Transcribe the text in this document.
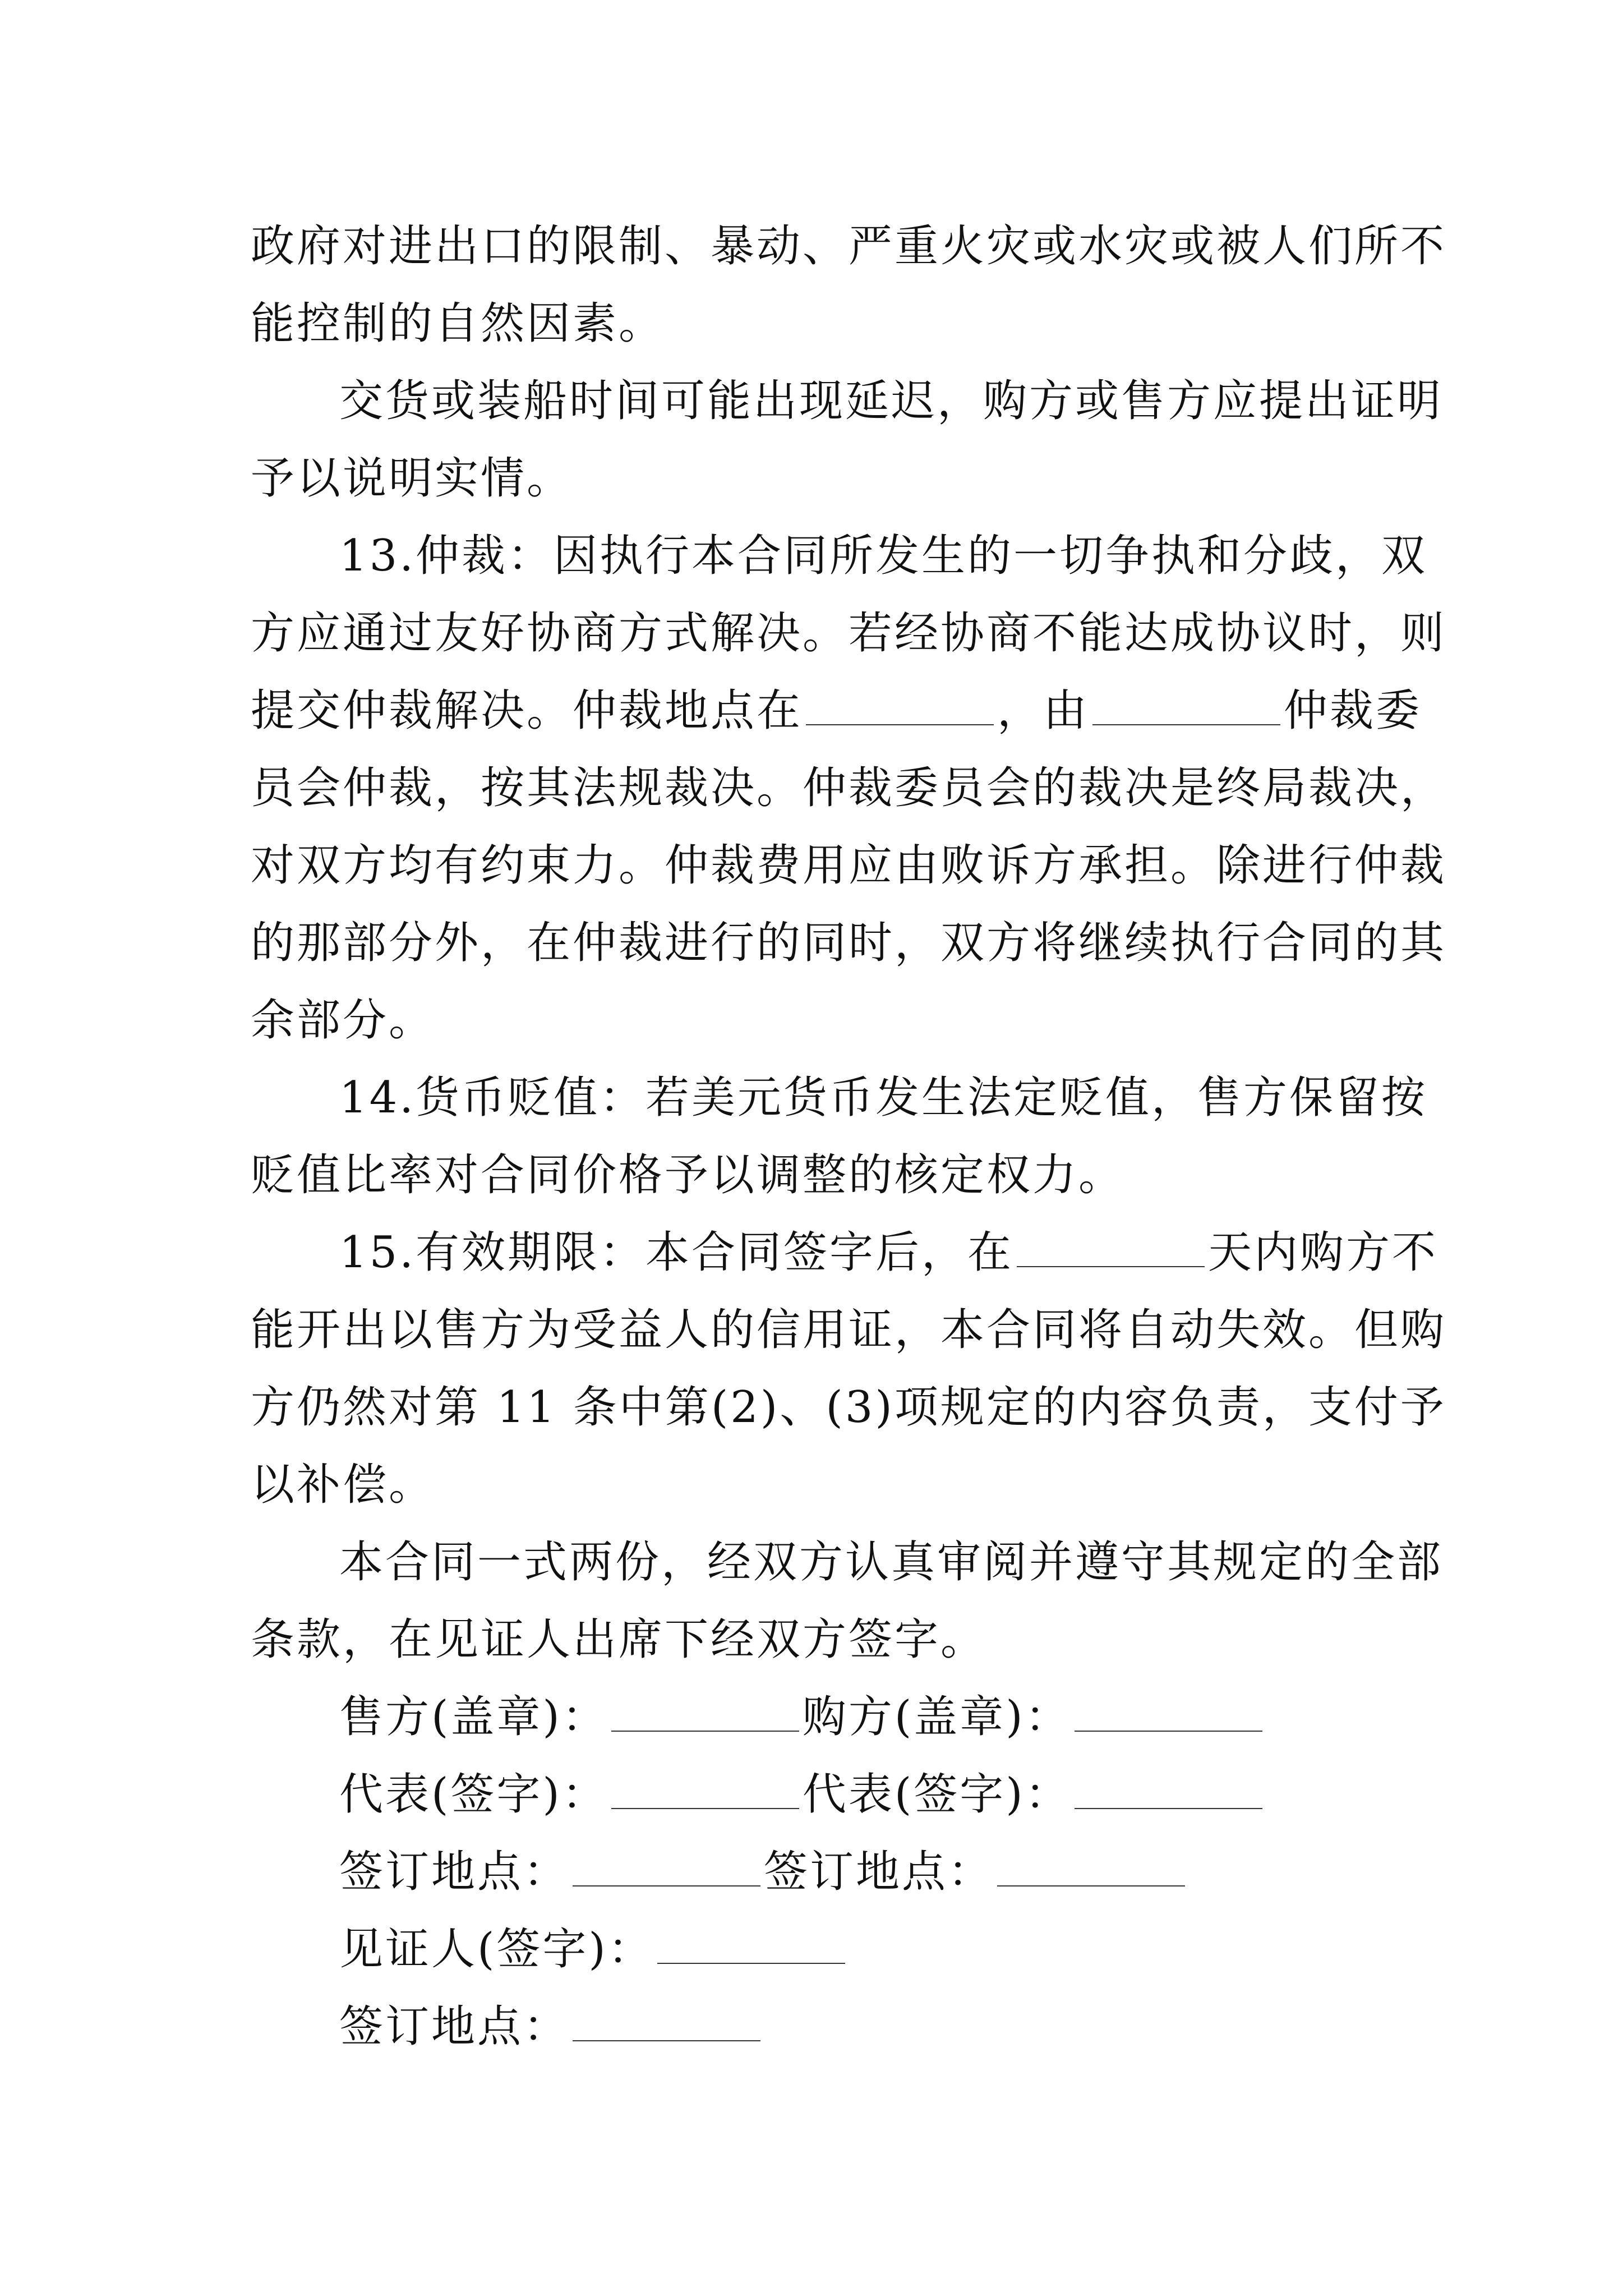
政府对进出口的限制、暴动、严重火灾或水灾或被人们所不
能控制的自然因素。
交货或装船时间可能出现延迟，购方或售方应提出证明
予以说明实情。
13.仲裁：因执行本合同所发生的一切争执和分歧，双
方应通过友好协商方式解决。若经协商不能达成协议时，则
提交仲裁解决。仲裁地点在	，由	仲裁委
员会仲裁，按其法规裁决。仲裁委员会的裁决是终局裁决，
对双方均有约束力。仲裁费用应由败诉方承担。除进行仲裁
的那部分外，在仲裁进行的同时，双方将继续执行合同的其
余部分。
14.货币贬值：若美元货币发生法定贬值，售方保留按
贬值比率对合同价格予以调整的核定权力。
15.有效期限：本合同签字后，在	天内购方不
能开出以售方为受益人的信用证，本合同将自动失效。但购
方仍然对第 11 条中第(2)、(3)项规定的内容负责，支付予
以补偿。
本合同一式两份，经双方认真审阅并遵守其规定的全部
条款，在见证人出席下经双方签字。
售方(盖章)：	购方(盖章)：
代表(签字)：	代表(签字)：
签订地点：	签订地点：
见证人(签字)：
签订地点：
